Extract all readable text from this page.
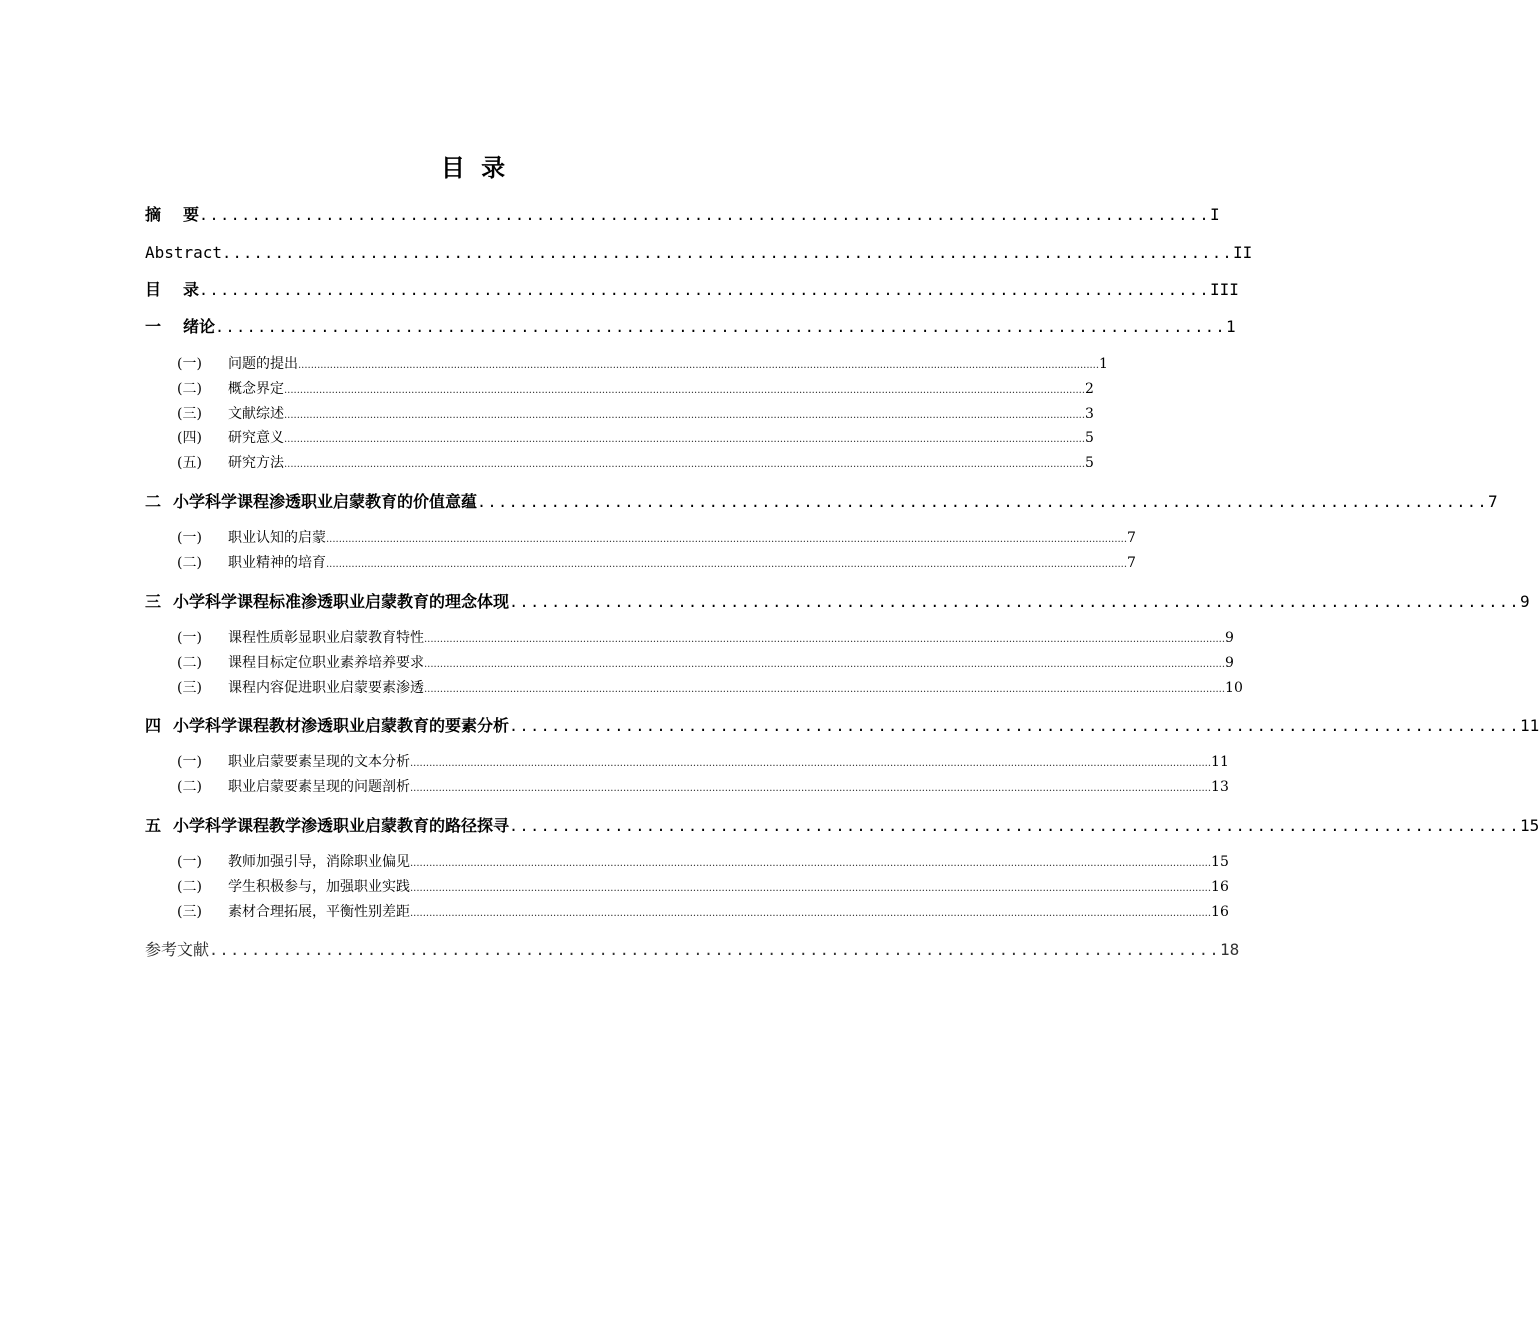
目 录
摘 要 ................................................................................................ I
Abstract ................................................................................................ II
目 录 ................................................................................................ III
一 绪论 ................................................................................................ 1
(一) 问题的提出 ............................................................................................................................................................................................................................................................ 1
(二) 概念界定 ............................................................................................................................................................................................................................................................ 2
(三) 文献综述 ............................................................................................................................................................................................................................................................ 3
(四) 研究意义 ............................................................................................................................................................................................................................................................ 5
(五) 研究方法 ............................................................................................................................................................................................................................................................ 5
二 小学科学课程渗透职业启蒙教育的价值意蕴 ................................................................................................ 7
(一) 职业认知的启蒙 ............................................................................................................................................................................................................................................................ 7
(二) 职业精神的培育 ............................................................................................................................................................................................................................................................ 7
三 小学科学课程标准渗透职业启蒙教育的理念体现 ................................................................................................ 9
(一) 课程性质彰显职业启蒙教育特性 ............................................................................................................................................................................................................................................................ 9
(二) 课程目标定位职业素养培养要求 ............................................................................................................................................................................................................................................................ 9
(三) 课程内容促进职业启蒙要素渗透 ............................................................................................................................................................................................................................................................ 10
四 小学科学课程教材渗透职业启蒙教育的要素分析 ................................................................................................ 11
(一) 职业启蒙要素呈现的文本分析 ............................................................................................................................................................................................................................................................ 11
(二) 职业启蒙要素呈现的问题剖析 ............................................................................................................................................................................................................................................................ 13
五 小学科学课程教学渗透职业启蒙教育的路径探寻 ................................................................................................ 15
(一) 教师加强引导，消除职业偏见 ............................................................................................................................................................................................................................................................ 15
(二) 学生积极参与，加强职业实践 ............................................................................................................................................................................................................................................................ 16
(三) 素材合理拓展，平衡性别差距 ............................................................................................................................................................................................................................................................ 16
参考文献 ................................................................................................ 18
